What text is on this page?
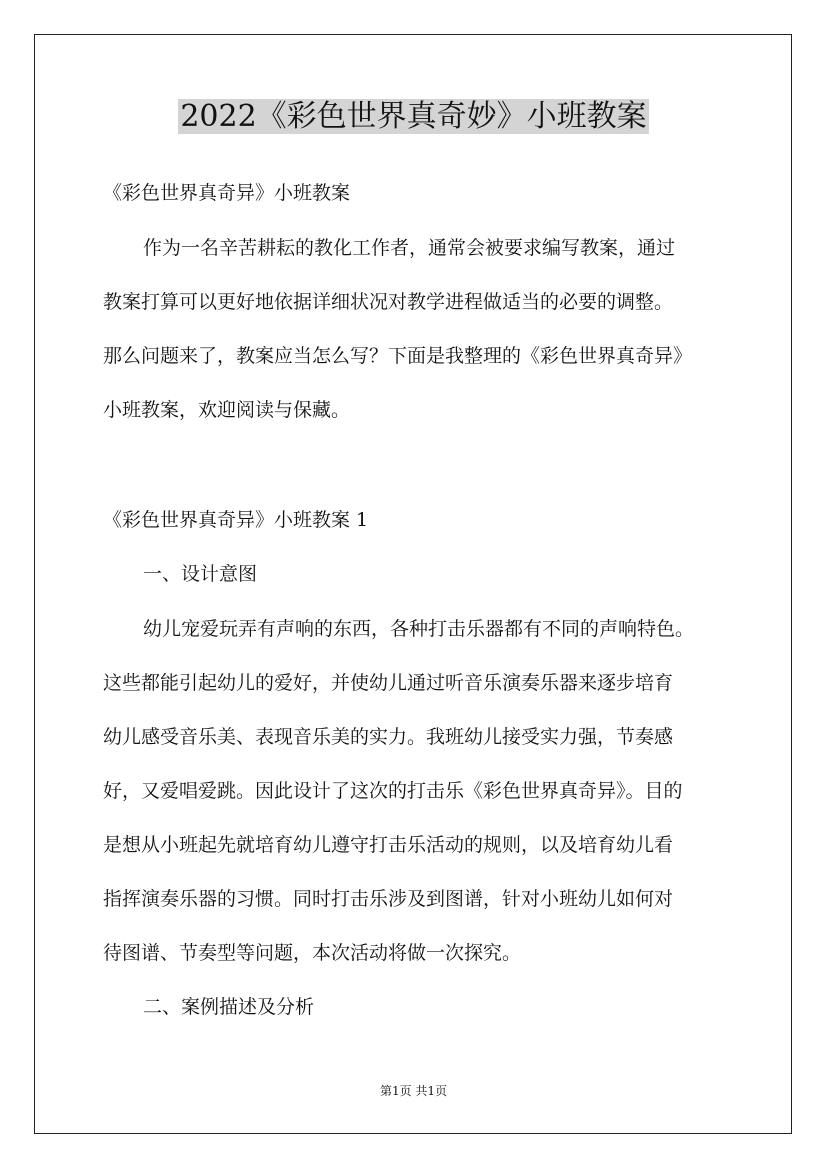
2022《彩色世界真奇妙》小班教案
《彩色世界真奇异》小班教案
作为一名辛苦耕耘的教化工作者，通常会被要求编写教案，通过
教案打算可以更好地依据详细状况对教学进程做适当的必要的调整。
那么问题来了，教案应当怎么写？下面是我整理的《彩色世界真奇异》
小班教案，欢迎阅读与保藏。
《彩色世界真奇异》小班教案 1
一、设计意图
幼儿宠爱玩弄有声响的东西，各种打击乐器都有不同的声响特色。
这些都能引起幼儿的爱好，并使幼儿通过听音乐演奏乐器来逐步培育
幼儿感受音乐美、表现音乐美的实力。我班幼儿接受实力强，节奏感
好，又爱唱爱跳。因此设计了这次的打击乐《彩色世界真奇异》。目的
是想从小班起先就培育幼儿遵守打击乐活动的规则，以及培育幼儿看
指挥演奏乐器的习惯。同时打击乐涉及到图谱，针对小班幼儿如何对
待图谱、节奏型等问题，本次活动将做一次探究。
二、案例描述及分析
第1页 共1页
